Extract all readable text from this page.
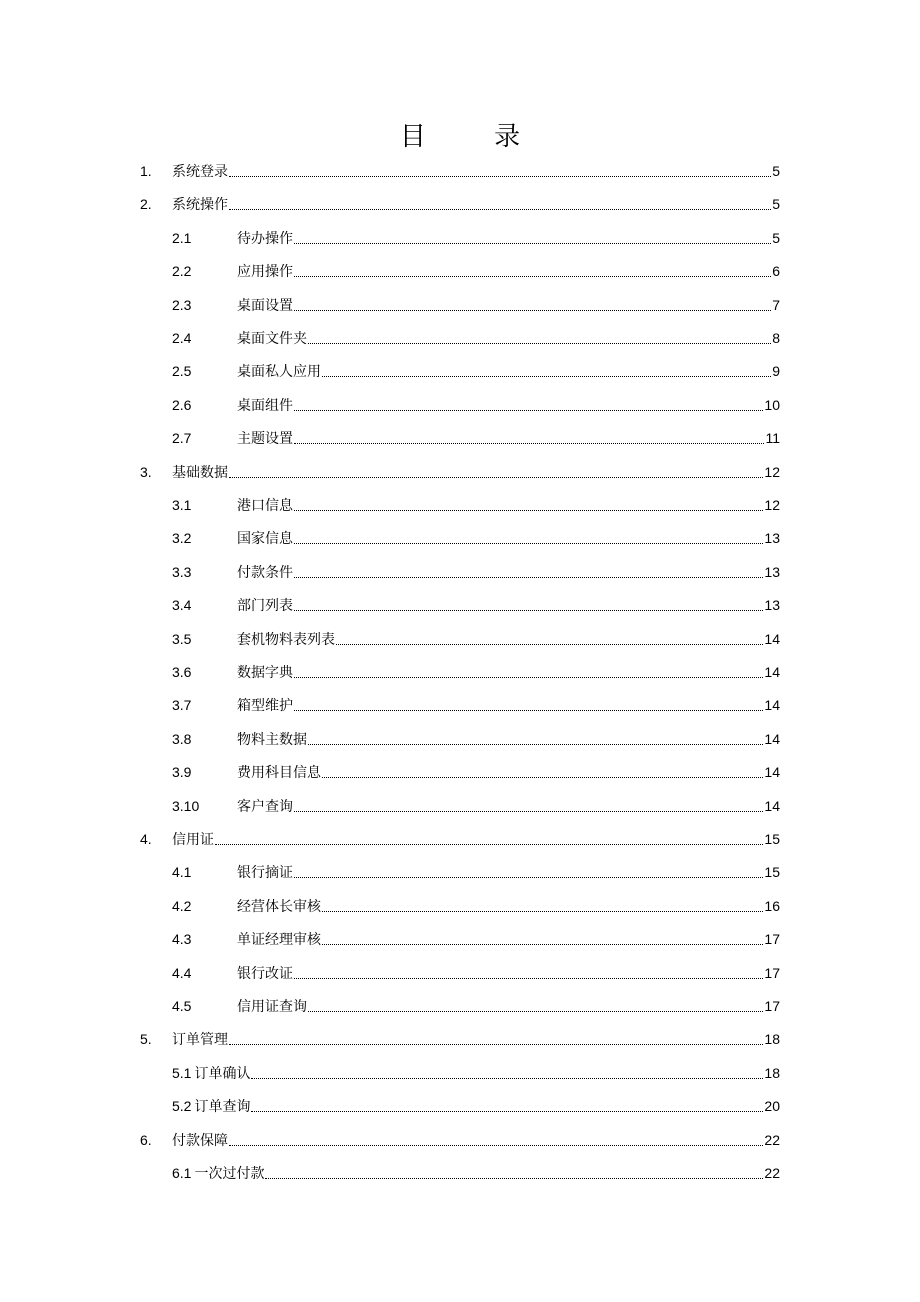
目 录
1.	系统登录	5
2.	系统操作	5
2.1	待办操作	5
2.2	应用操作	6
2.3	桌面设置	7
2.4	桌面文件夹	8
2.5	桌面私人应用	9
2.6	桌面组件	10
2.7	主题设置	11
3.	基础数据	12
3.1	港口信息	12
3.2	国家信息	13
3.3	付款条件	13
3.4	部门列表	13
3.5	套机物料表列表	14
3.6	数据字典	14
3.7	箱型维护	14
3.8	物料主数据	14
3.9	费用科目信息	14
3.10	客户查询	14
4.	信用证	15
4.1	银行摘证	15
4.2	经营体长审核	16
4.3	单证经理审核	17
4.4	银行改证	17
4.5	信用证查询	17
5.	订单管理	18
5.1 订单确认	18
5.2 订单查询	20
6.	付款保障	22
6.1 一次过付款	22
